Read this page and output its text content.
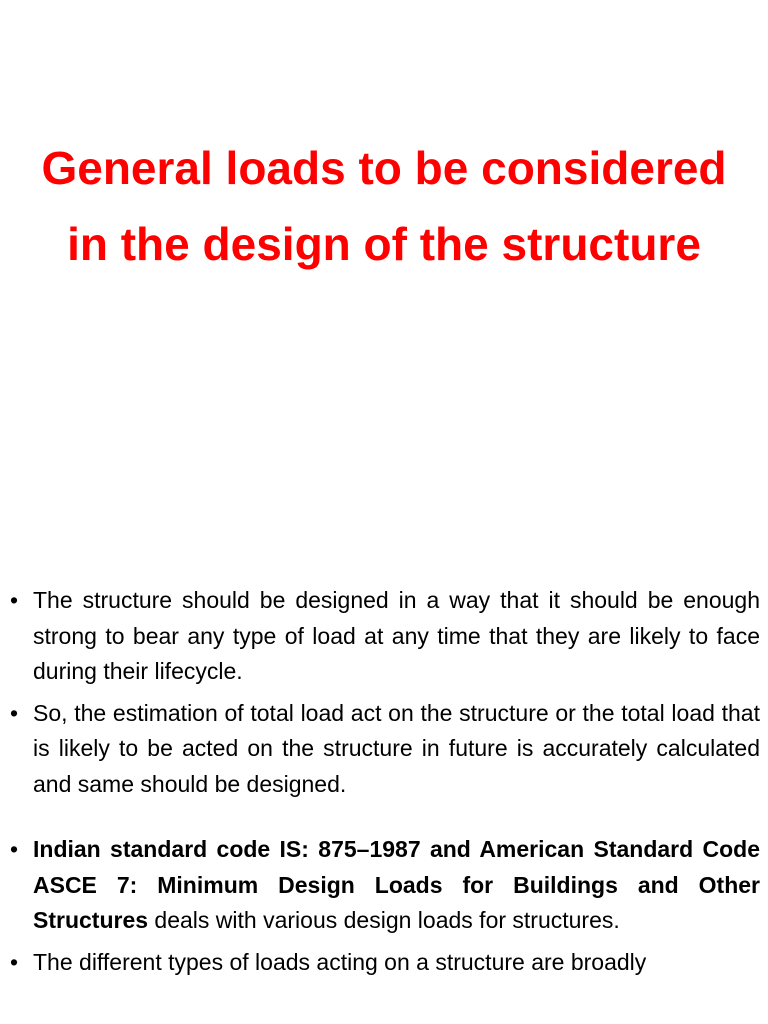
General loads to be considered in the design of the structure
• The structure should be designed in a way that it should be enough strong to bear any type of load at any time that they are likely to face during their lifecycle.
• So, the estimation of total load act on the structure or the total load that is likely to be acted on the structure in future is accurately calculated and same should be designed.
• Indian standard code IS: 875–1987 and American Standard Code ASCE 7: Minimum Design Loads for Buildings and Other Structures deals with various design loads for structures.
• The different types of loads acting on a structure are broadly
